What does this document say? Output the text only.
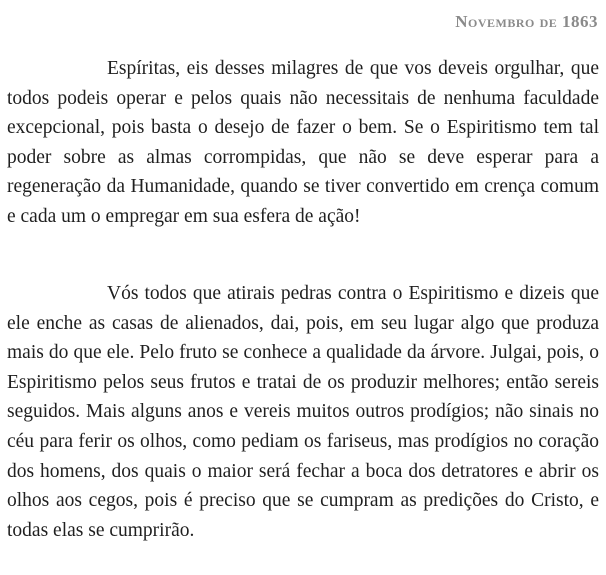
Novembro de 1863

Espíritas, eis desses milagres de que vos deveis orgulhar, que todos podeis operar e pelos quais não necessitais de nenhuma faculdade excepcional, pois basta o desejo de fazer o bem. Se o Espiritismo tem tal poder sobre as almas corrompidas, que não se deve esperar para a regeneração da Humanidade, quando se tiver convertido em crença comum e cada um o empregar em sua esfera de ação!

Vós todos que atirais pedras contra o Espiritismo e dizeis que ele enche as casas de alienados, dai, pois, em seu lugar algo que produza mais do que ele. Pelo fruto se conhece a qualidade da árvore. Julgai, pois, o Espiritismo pelos seus frutos e tratai de os produzir melhores; então sereis seguidos. Mais alguns anos e vereis muitos outros prodígios; não sinais no céu para ferir os olhos, como pediam os fariseus, mas prodígios no coração dos homens, dos quais o maior será fechar a boca dos detratores e abrir os olhos aos cegos, pois é preciso que se cumpram as predições do Cristo, e todas elas se cumprirão.
